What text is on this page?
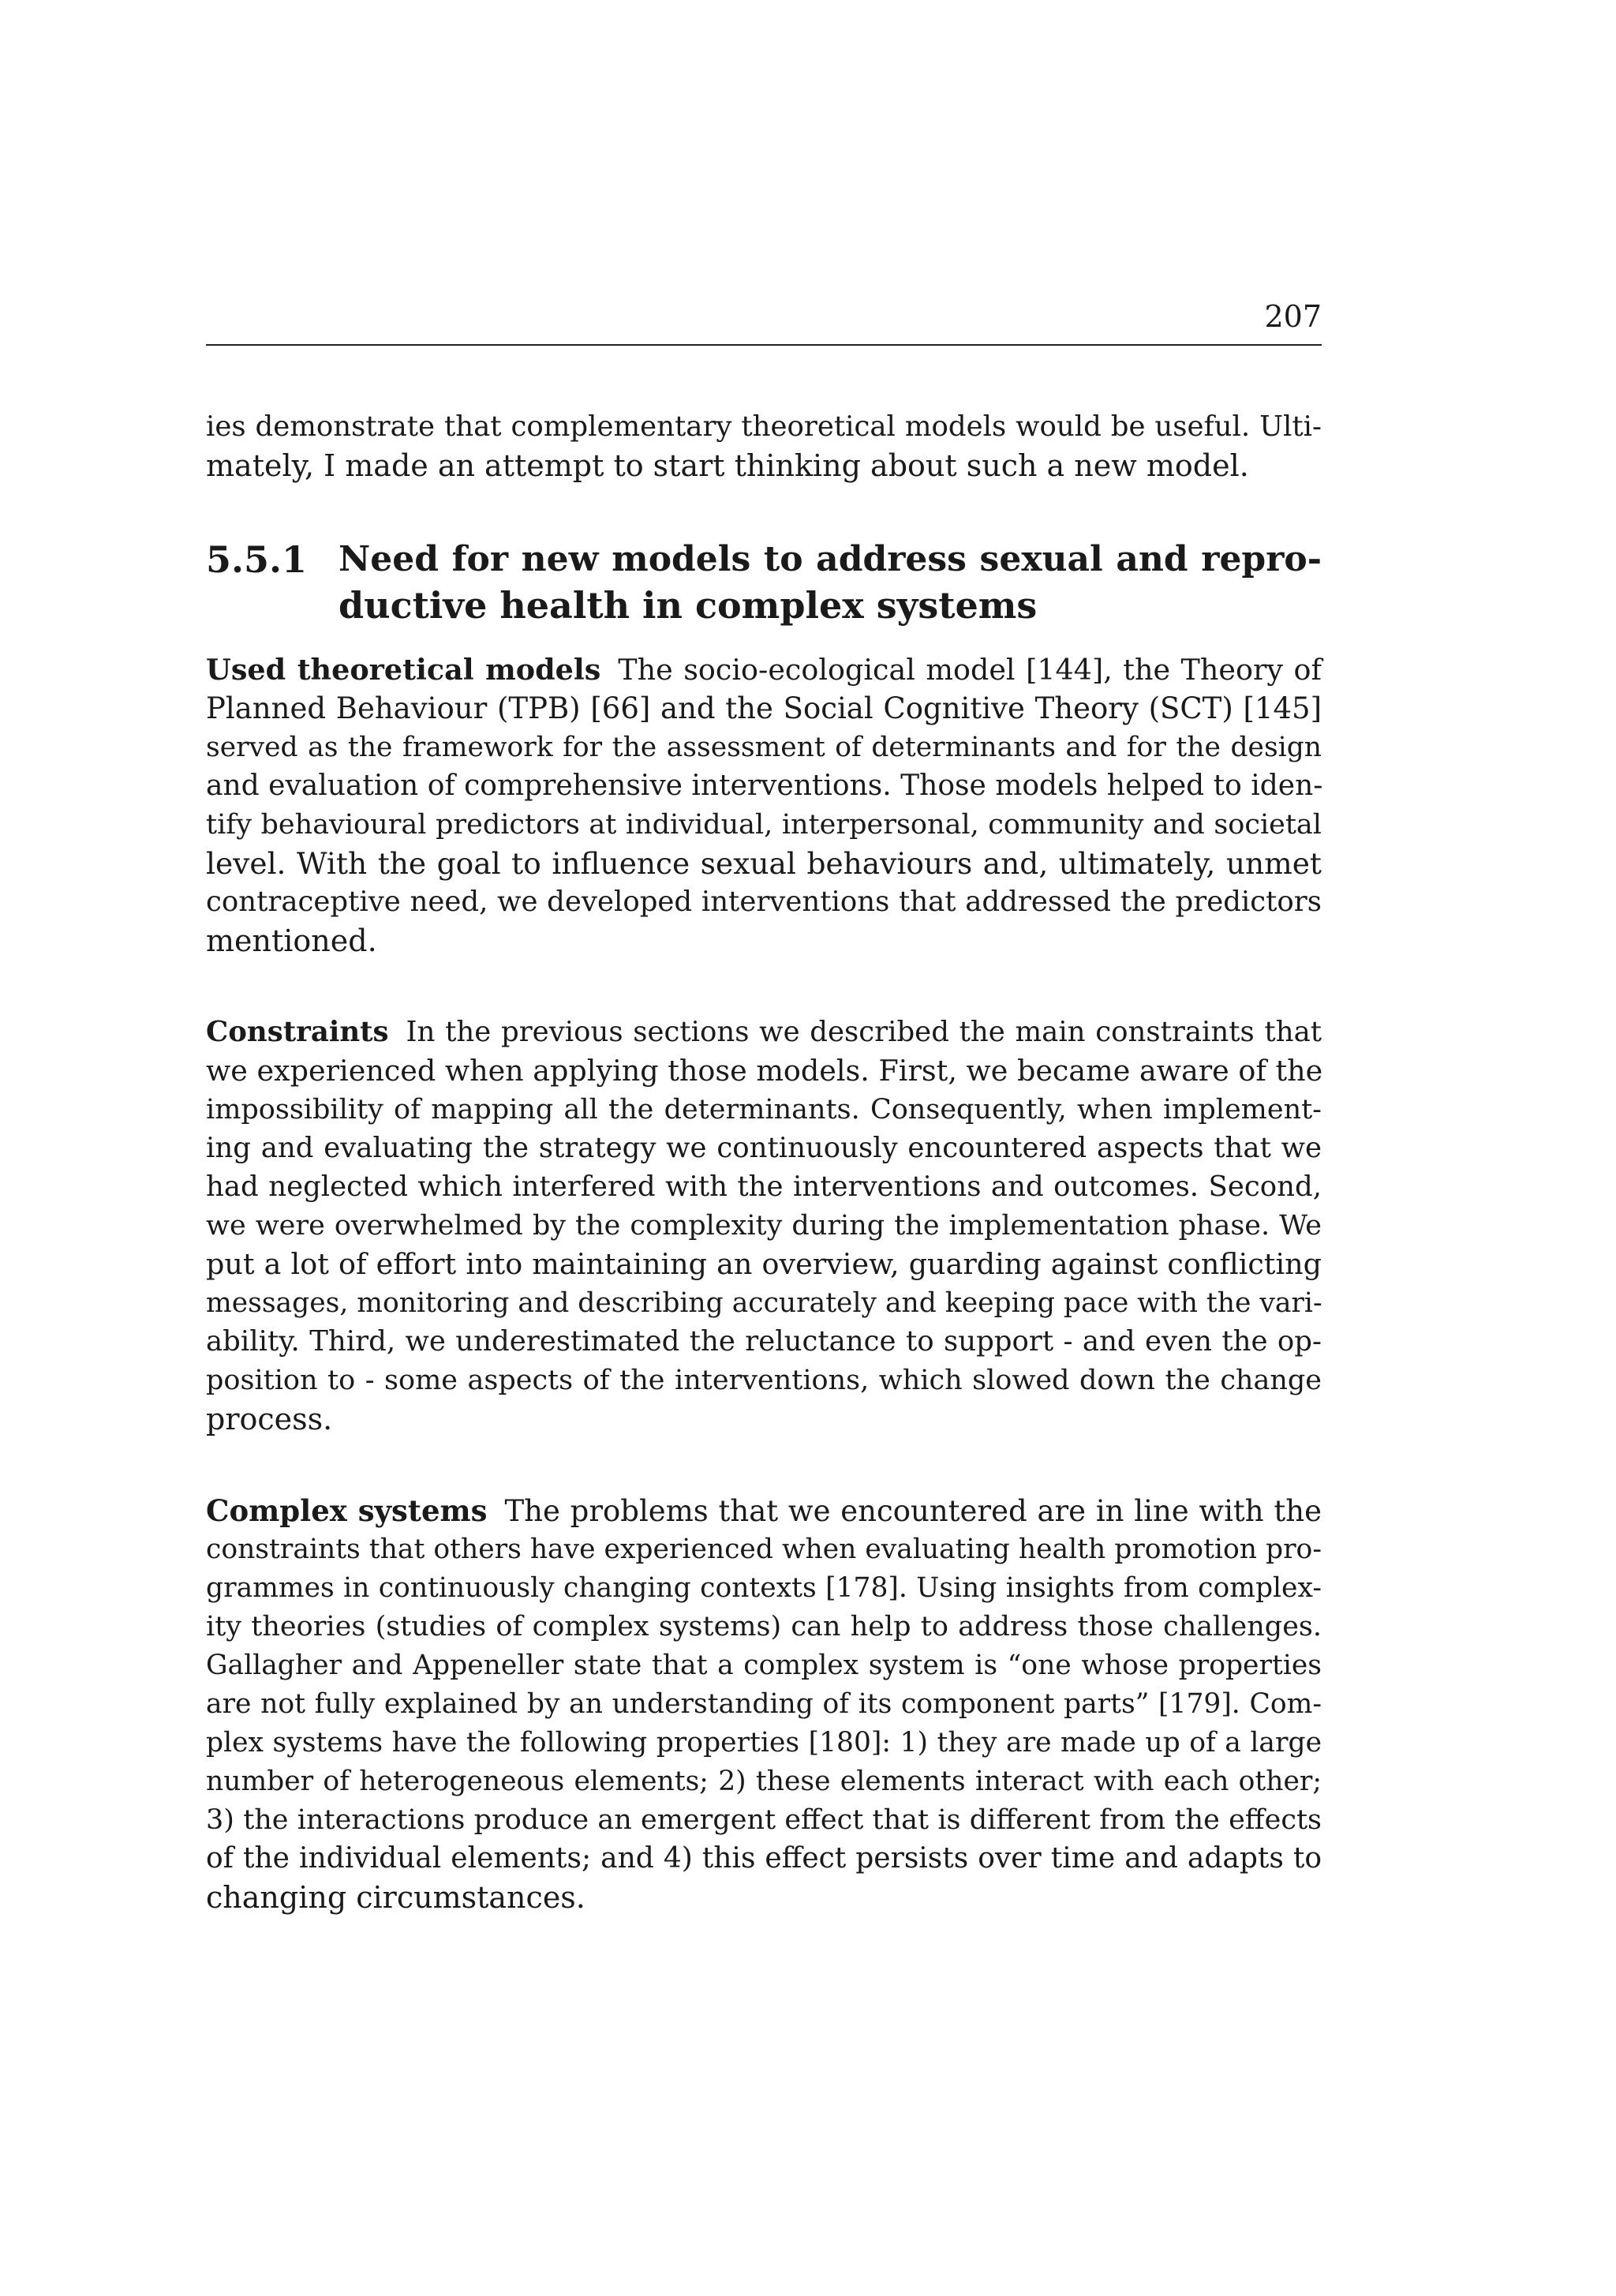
207
ies demonstrate that complementary theoretical models would be useful. Ulti-
mately, I made an attempt to start thinking about such a new model.
5.5.1 Need for new models to address sexual and repro-
ductive health in complex systems
Used theoretical models The socio-ecological model [144], the Theory of
Planned Behaviour (TPB) [66] and the Social Cognitive Theory (SCT) [145]
served as the framework for the assessment of determinants and for the design
and evaluation of comprehensive interventions. Those models helped to iden-
tify behavioural predictors at individual, interpersonal, community and societal
level. With the goal to influence sexual behaviours and, ultimately, unmet
contraceptive need, we developed interventions that addressed the predictors
mentioned.
Constraints In the previous sections we described the main constraints that
we experienced when applying those models. First, we became aware of the
impossibility of mapping all the determinants. Consequently, when implement-
ing and evaluating the strategy we continuously encountered aspects that we
had neglected which interfered with the interventions and outcomes. Second,
we were overwhelmed by the complexity during the implementation phase. We
put a lot of effort into maintaining an overview, guarding against conflicting
messages, monitoring and describing accurately and keeping pace with the vari-
ability. Third, we underestimated the reluctance to support - and even the op-
position to - some aspects of the interventions, which slowed down the change
process.
Complex systems The problems that we encountered are in line with the
constraints that others have experienced when evaluating health promotion pro-
grammes in continuously changing contexts [178]. Using insights from complex-
ity theories (studies of complex systems) can help to address those challenges.
Gallagher and Appeneller state that a complex system is “one whose properties
are not fully explained by an understanding of its component parts” [179]. Com-
plex systems have the following properties [180]: 1) they are made up of a large
number of heterogeneous elements; 2) these elements interact with each other;
3) the interactions produce an emergent effect that is different from the effects
of the individual elements; and 4) this effect persists over time and adapts to
changing circumstances.
